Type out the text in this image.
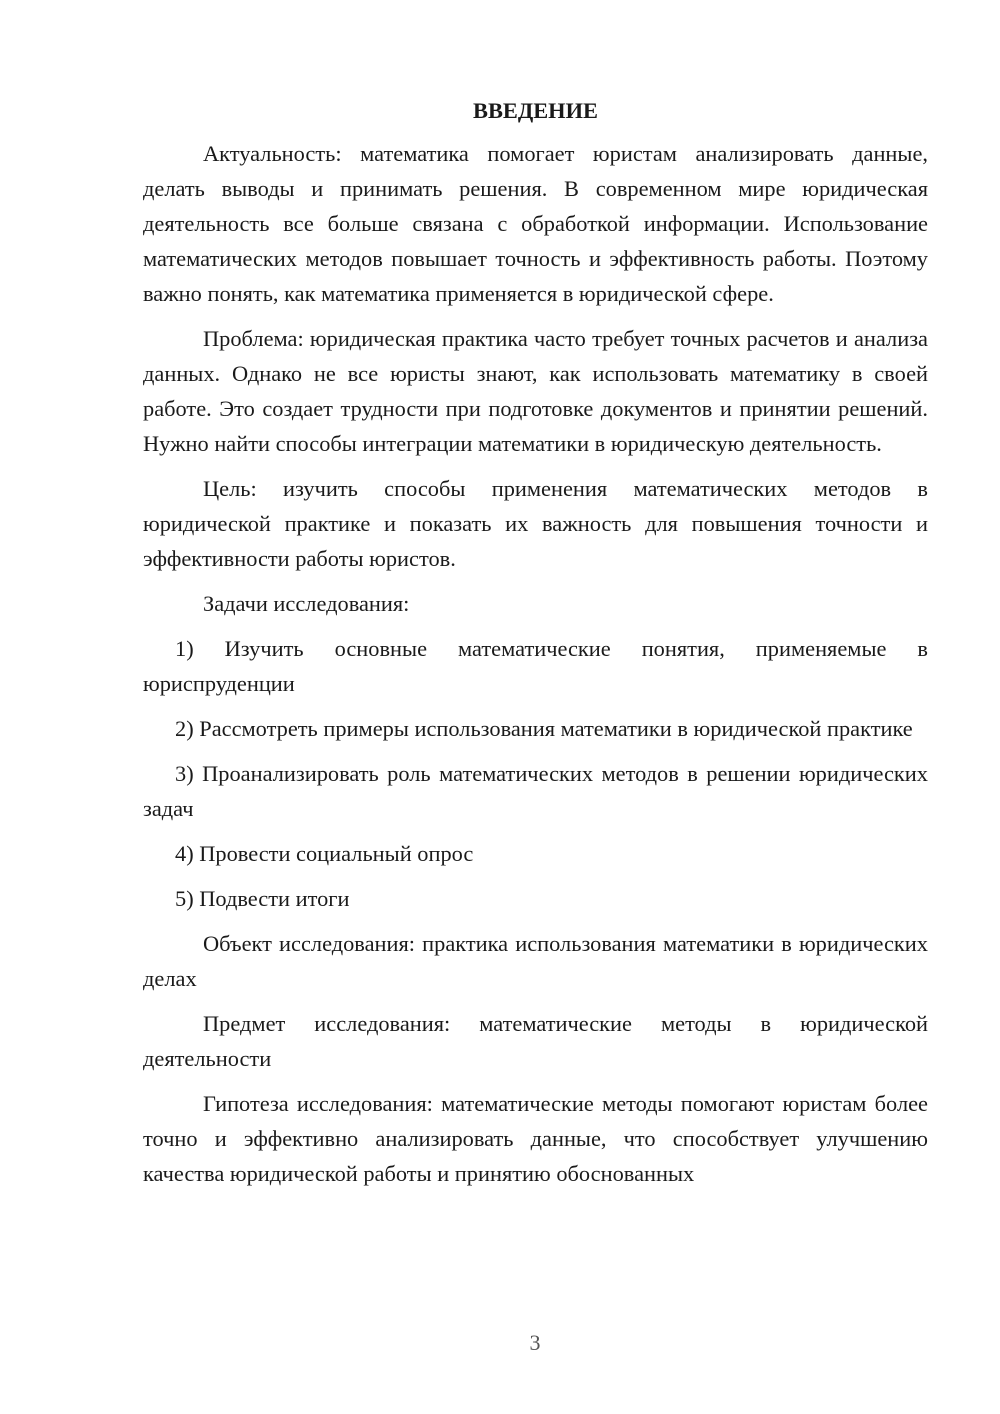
ВВЕДЕНИЕ

Актуальность: математика помогает юристам анализировать данные, делать выводы и принимать решения. В современном мире юридическая деятельность все больше связана с обработкой информации. Использование математических методов повышает точность и эффективность работы. Поэтому важно понять, как математика применяется в юридической сфере.

Проблема: юридическая практика часто требует точных расчетов и анализа данных. Однако не все юристы знают, как использовать математику в своей работе. Это создает трудности при подготовке документов и принятии решений. Нужно найти способы интеграции математики в юридическую деятельность.

Цель: изучить способы применения математических методов в юридической практике и показать их важность для повышения точности и эффективности работы юристов.

Задачи исследования:

1) Изучить основные математические понятия, применяемые в юриспруденции

2) Рассмотреть примеры использования математики в юридической практике

3) Проанализировать роль математических методов в решении юридических задач

4) Провести социальный опрос

5) Подвести итоги

Объект исследования: практика использования математики в юридических делах

Предмет исследования: математические методы в юридической деятельности

Гипотеза исследования: математические методы помогают юристам более точно и эффективно анализировать данные, что способствует улучшению качества юридической работы и принятию обоснованных

3
